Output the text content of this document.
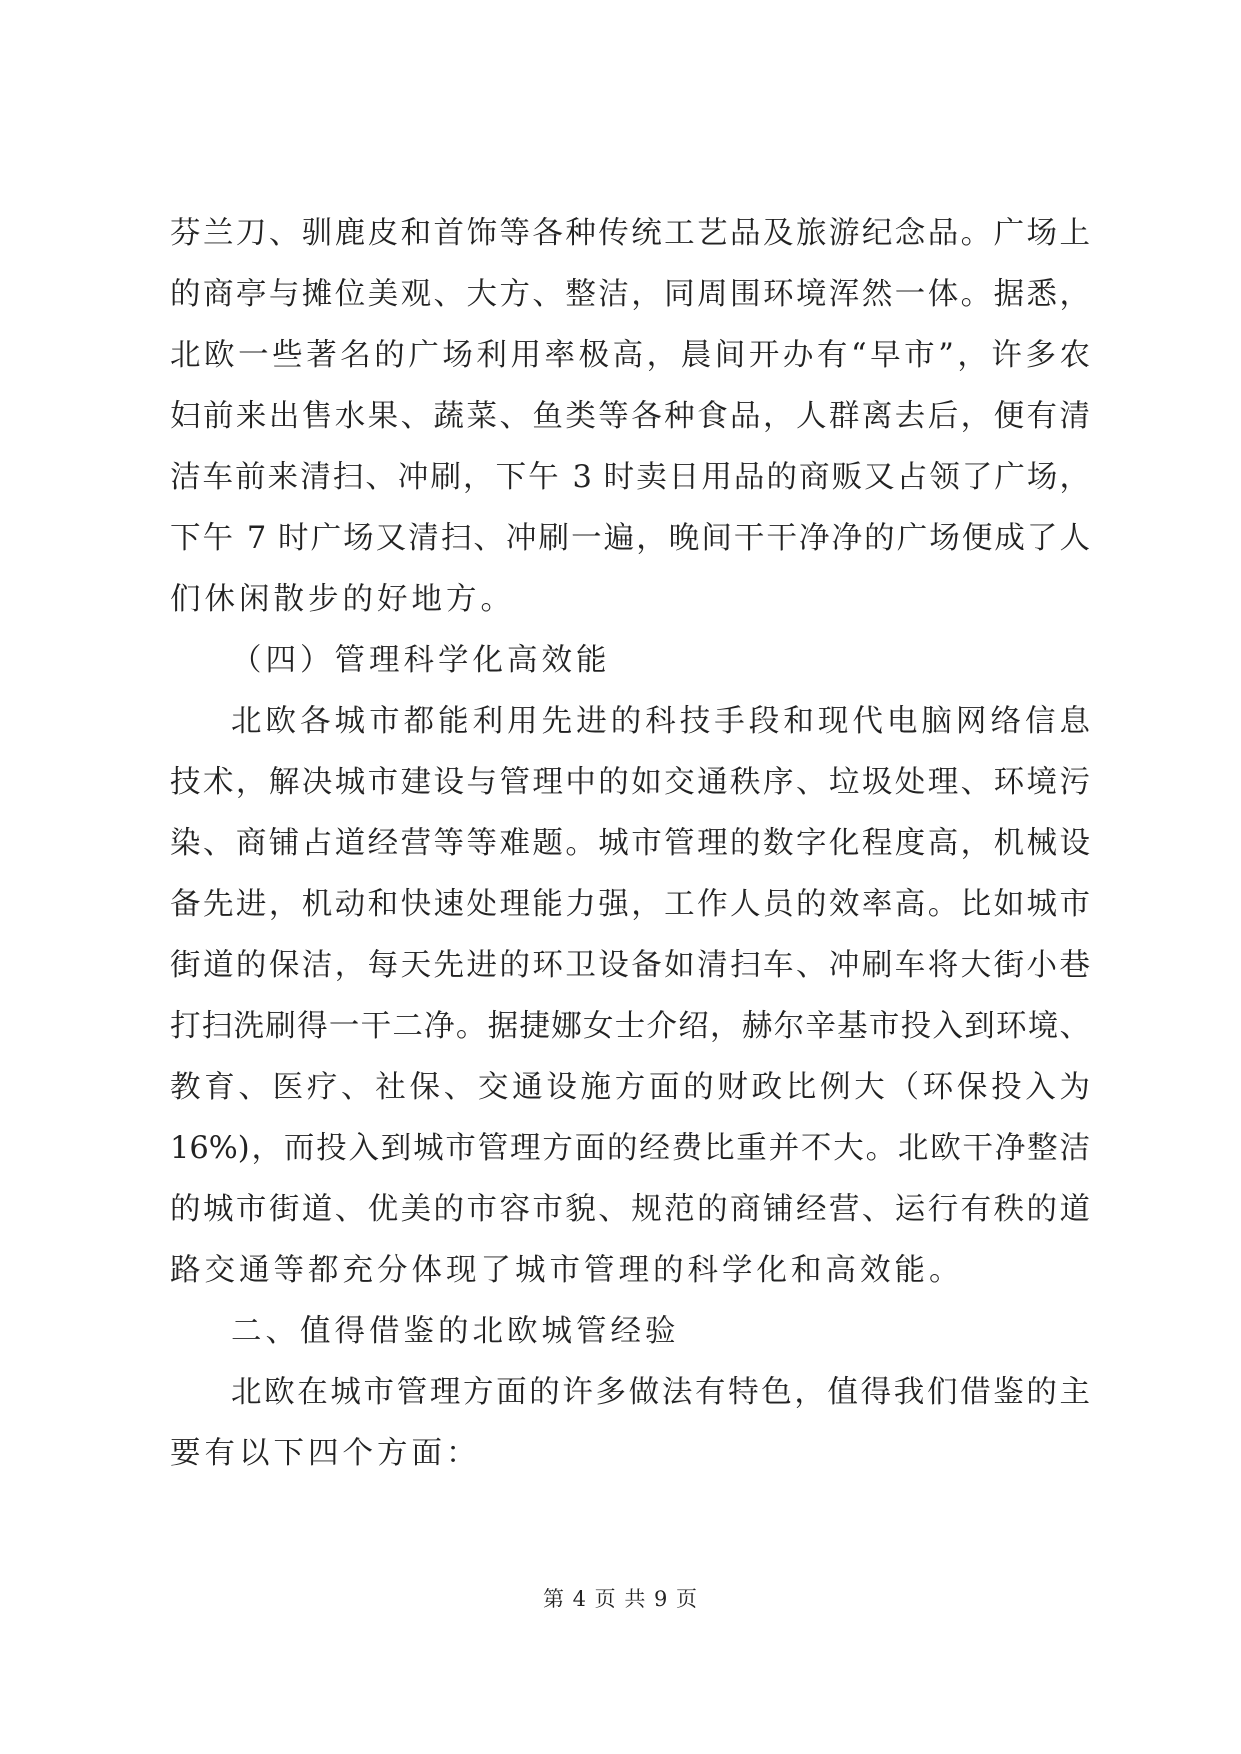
芬兰刀、驯鹿皮和首饰等各种传统工艺品及旅游纪念品。广场上
的商亭与摊位美观、大方、整洁，同周围环境浑然一体。据悉，
北欧一些著名的广场利用率极高，晨间开办有“早市”，许多农
妇前来出售水果、蔬菜、鱼类等各种食品，人群离去后，便有清
洁车前来清扫、冲刷，下午 3 时卖日用品的商贩又占领了广场，
下午 7 时广场又清扫、冲刷一遍，晚间干干净净的广场便成了人
们休闲散步的好地方。
（四）管理科学化高效能
北欧各城市都能利用先进的科技手段和现代电脑网络信息
技术，解决城市建设与管理中的如交通秩序、垃圾处理、环境污
染、商铺占道经营等等难题。城市管理的数字化程度高，机械设
备先进，机动和快速处理能力强，工作人员的效率高。比如城市
街道的保洁，每天先进的环卫设备如清扫车、冲刷车将大街小巷
打扫洗刷得一干二净。据捷娜女士介绍，赫尔辛基市投入到环境、
教育、医疗、社保、交通设施方面的财政比例大（环保投入为
16%)，而投入到城市管理方面的经费比重并不大。北欧干净整洁
的城市街道、优美的市容市貌、规范的商铺经营、运行有秩的道
路交通等都充分体现了城市管理的科学化和高效能。
二、值得借鉴的北欧城管经验
北欧在城市管理方面的许多做法有特色，值得我们借鉴的主
要有以下四个方面：
第 4 页 共 9 页
